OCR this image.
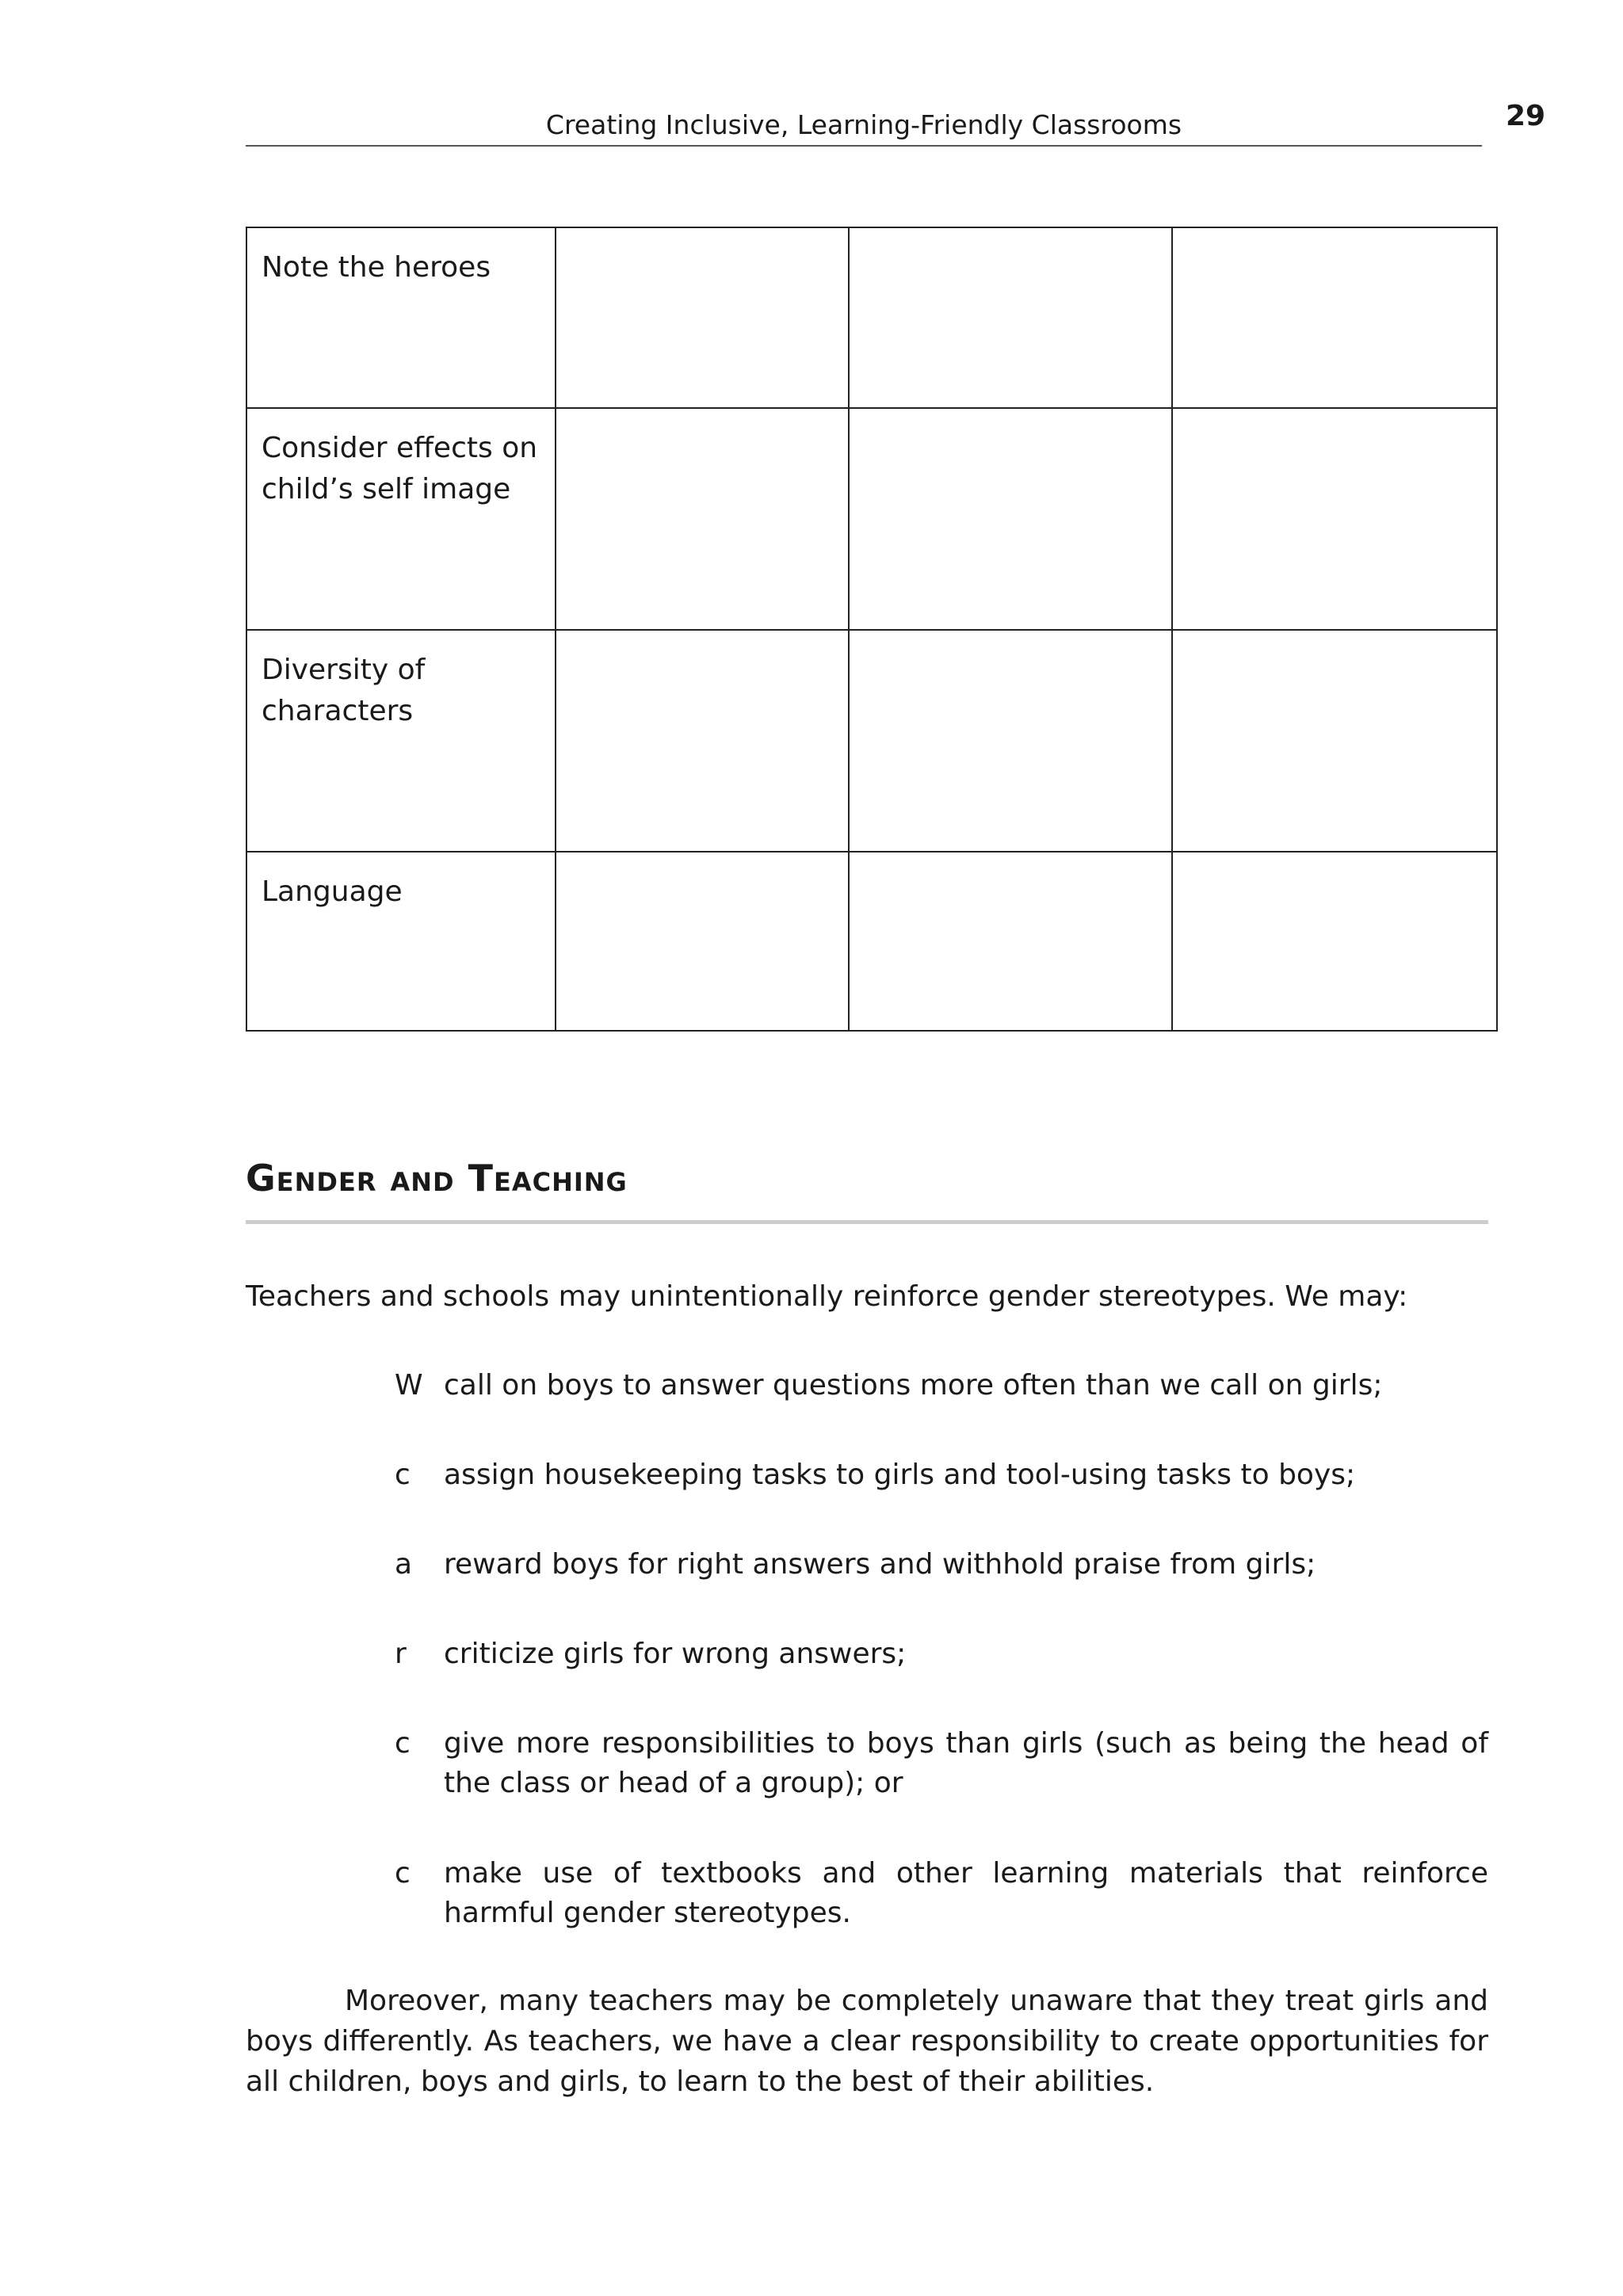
Creating Inclusive, Learning-Friendly Classrooms	29
Note the heroes			
Consider effects on child’s self image			
Diversity of characters			
Language			
Gender and Teaching

Teachers and schools may unintentionally reinforce gender stereotypes. We may:

W call on boys to answer questions more often than we call on girls;
c	assign housekeeping tasks to girls and tool-using tasks to boys;
a	reward boys for right answers and withhold praise from girls;
r	criticize girls for wrong answers;
c	give more responsibilities to boys than girls (such as being the head of the class or head of a group); or
c	make use of textbooks and other learning materials that reinforce harmful gender stereotypes.

Moreover, many teachers may be completely unaware that they treat girls and boys differently. As teachers, we have a clear responsibility to create opportunities for all children, boys and girls, to learn to the best of their abilities.
